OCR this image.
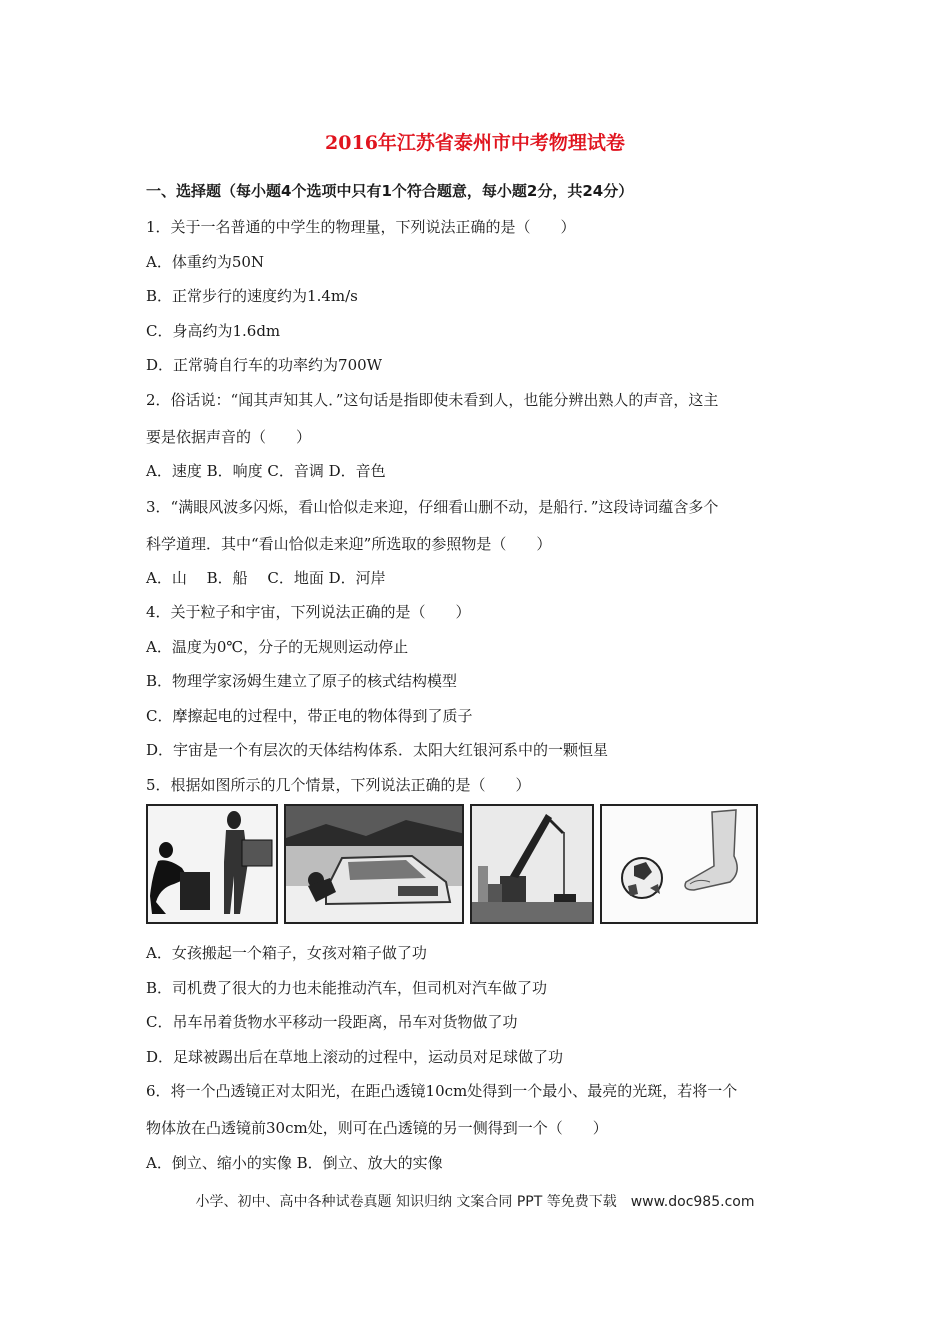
2016年江苏省泰州市中考物理试卷
一、选择题（每小题4个选项中只有1个符合题意，每小题2分，共24分）
1．关于一名普通的中学生的物理量，下列说法正确的是（　　）
A．体重约为50N
B．正常步行的速度约为1.4m/s
C．身高约为1.6dm
D．正常骑自行车的功率约为700W
2．俗话说：“闻其声知其人．”这句话是指即使未看到人，也能分辨出熟人的声音，这主
要是依据声音的（　　）
A．速度 B．响度 C．音调 D．音色
3．“满眼风波多闪烁，看山恰似走来迎，仔细看山删不动，是船行．”这段诗词蕴含多个
科学道理．其中“看山恰似走来迎”所选取的参照物是（　　）
A．山　 B．船　 C．地面 D．河岸
4．关于粒子和宇宙，下列说法正确的是（　　）
A．温度为0℃，分子的无规则运动停止
B．物理学家汤姆生建立了原子的核式结构模型
C．摩擦起电的过程中，带正电的物体得到了质子
D．宇宙是一个有层次的天体结构体系．太阳大红银河系中的一颗恒星
5．根据如图所示的几个情景，下列说法正确的是（　　）
A．女孩搬起一个箱子，女孩对箱子做了功
B．司机费了很大的力也未能推动汽车，但司机对汽车做了功
C．吊车吊着货物水平移动一段距离，吊车对货物做了功
D．足球被踢出后在草地上滚动的过程中，运动员对足球做了功
6．将一个凸透镜正对太阳光，在距凸透镜10cm处得到一个最小、最亮的光斑，若将一个
物体放在凸透镜前30cm处，则可在凸透镜的另一侧得到一个（　　）
A．倒立、缩小的实像 B．倒立、放大的实像
小学、初中、高中各种试卷真题 知识归纳 文案合同 PPT 等免费下载　www.doc985.com
